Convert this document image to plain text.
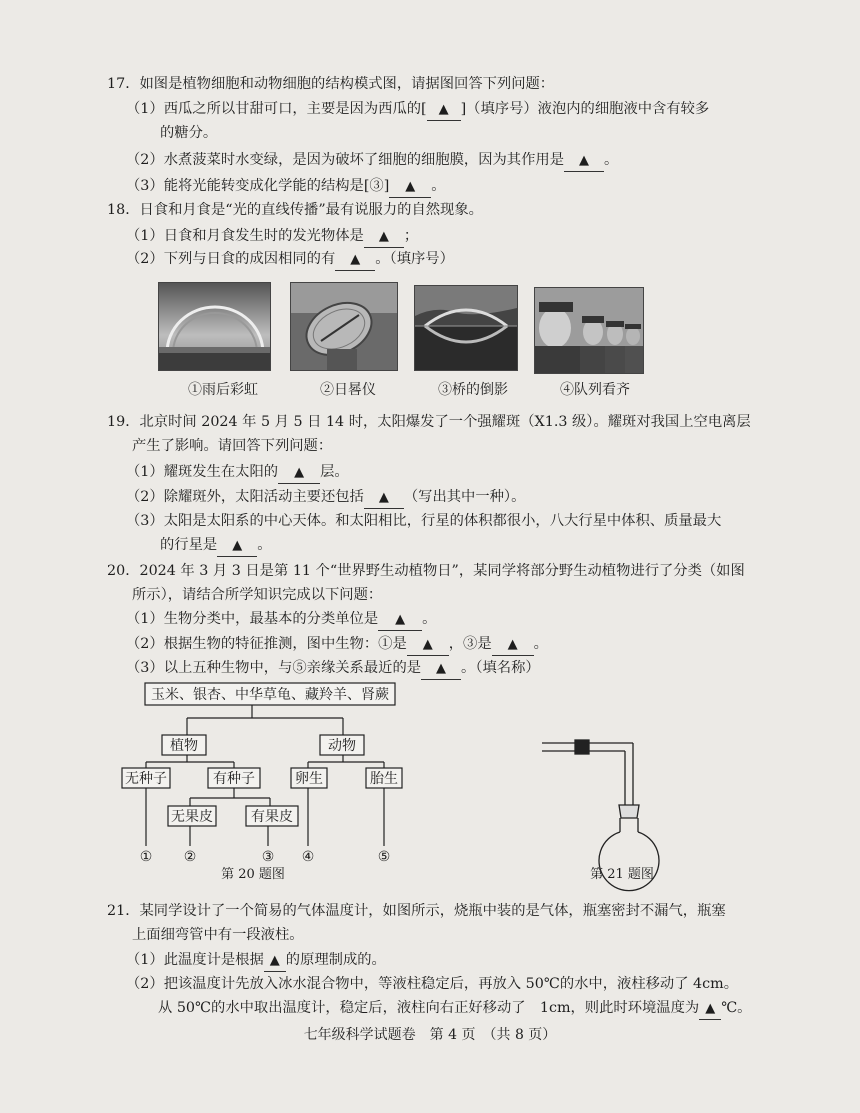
17．如图是植物细胞和动物细胞的结构模式图，请据图回答下列问题：
（1）西瓜之所以甘甜可口，主要是因为西瓜的[ ▲ ]（填序号）液泡内的细胞液中含有较多
的糖分。
（2）水煮菠菜时水变绿，是因为破坏了细胞的细胞膜，因为其作用是 ▲ 。
（3）能将光能转变成化学能的结构是[③] ▲ 。
18．日食和月食是“光的直线传播”最有说服力的自然现象。
（1）日食和月食发生时的发光物体是 ▲ ；
（2）下列与日食的成因相同的有 ▲ 。（填序号）
①雨后彩虹	②日晷仪	③桥的倒影	④队列看齐
19．北京时间 2024 年 5 月 5 日 14 时，太阳爆发了一个强耀斑（X1.3 级）。耀斑对我国上空电离层
产生了影响。请回答下列问题：
（1）耀斑发生在太阳的 ▲ 层。
（2）除耀斑外，太阳活动主要还包括 ▲ （写出其中一种）。
（3）太阳是太阳系的中心天体。和太阳相比，行星的体积都很小，八大行星中体积、质量最大
的行星是 ▲ 。
20．2024 年 3 月 3 日是第 11 个“世界野生动植物日”，某同学将部分野生动植物进行了分类（如图
所示），请结合所学知识完成以下问题：
（1）生物分类中，最基本的分类单位是 ▲ 。
（2）根据生物的特征推测，图中生物：①是 ▲ ，③是 ▲ 。
（3）以上五种生物中，与⑤亲缘关系最近的是 ▲ 。（填名称）
玉米、银杏、中华草龟、藏羚羊、肾蕨
植物	动物
无种子	有种子	卵生	胎生
无果皮	有果皮
① ②	③ ④	⑤
第 20 题图	第 21 题图
21．某同学设计了一个简易的气体温度计，如图所示，烧瓶中装的是气体，瓶塞密封不漏气，瓶塞
上面细弯管中有一段液柱。
（1）此温度计是根据 ▲ 的原理制成的。
（2）把该温度计先放入冰水混合物中，等液柱稳定后，再放入 50℃的水中，液柱移动了 4cm。
从 50℃的水中取出温度计，稳定后，液柱向右正好移动了　1cm，则此时环境温度为 ▲ ℃。
七年级科学试题卷　第 4 页　（共 8 页）
